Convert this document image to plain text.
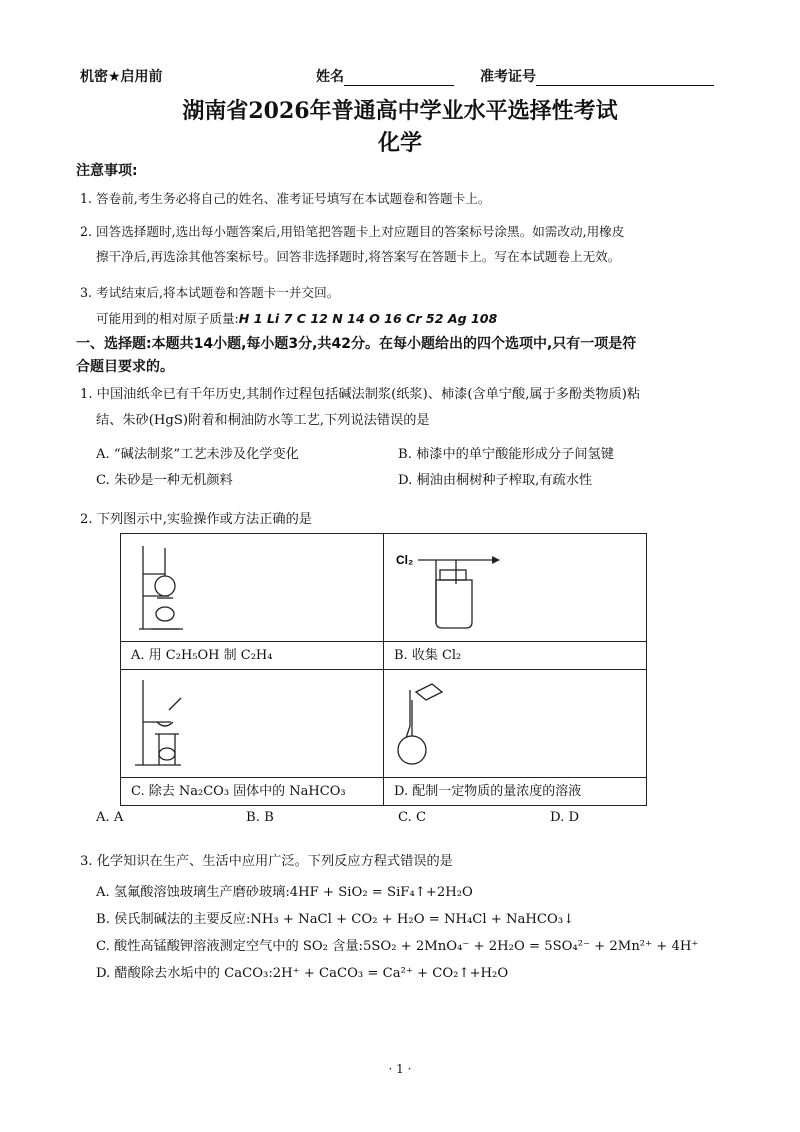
机密★启用前	姓名	准考证号
湖南省2026年普通高中学业水平选择性考试
化学
注意事项:
1. 答卷前,考生务必将自己的姓名、准考证号填写在本试题卷和答题卡上。
2. 回答选择题时,选出每小题答案后,用铅笔把答题卡上对应题目的答案标号涂黑。如需改动,用橡皮
擦干净后,再选涂其他答案标号。回答非选择题时,将答案写在答题卡上。写在本试题卷上无效。
3. 考试结束后,将本试题卷和答题卡一并交回。
可能用到的相对原子质量:H 1 Li 7 C 12 N 14 O 16 Cr 52 Ag 108
一、选择题:本题共14小题,每小题3分,共42分。在每小题给出的四个选项中,只有一项是符
合题目要求的。
1. 中国油纸伞已有千年历史,其制作过程包括碱法制浆(纸浆)、柿漆(含单宁酸,属于多酚类物质)粘
结、朱砂(HgS)附着和桐油防水等工艺,下列说法错误的是
A. “碱法制浆”工艺未涉及化学变化	B. 柿漆中的单宁酸能形成分子间氢键
C. 朱砂是一种无机颜料	D. 桐油由桐树种子榨取,有疏水性
2. 下列图示中,实验操作或方法正确的是

Cl₂

A. 用 C₂H₅OH 制 C₂H₄	B. 收集 Cl₂

C. 除去 Na₂CO₃ 固体中的 NaHCO₃	D. 配制一定物质的量浓度的溶液
A. A	B. B	C. C	D. D
3. 化学知识在生产、生活中应用广泛。下列反应方程式错误的是
A. 氢氟酸溶蚀玻璃生产磨砂玻璃:4HF + SiO₂ = SiF₄↑+2H₂O
B. 侯氏制碱法的主要反应:NH₃ + NaCl + CO₂ + H₂O = NH₄Cl + NaHCO₃↓
C. 酸性高锰酸钾溶液测定空气中的 SO₂ 含量:5SO₂ + 2MnO₄⁻ + 2H₂O = 5SO₄²⁻ + 2Mn²⁺ + 4H⁺
D. 醋酸除去水垢中的 CaCO₃:2H⁺ + CaCO₃ = Ca²⁺ + CO₂↑+H₂O
· 1 ·
